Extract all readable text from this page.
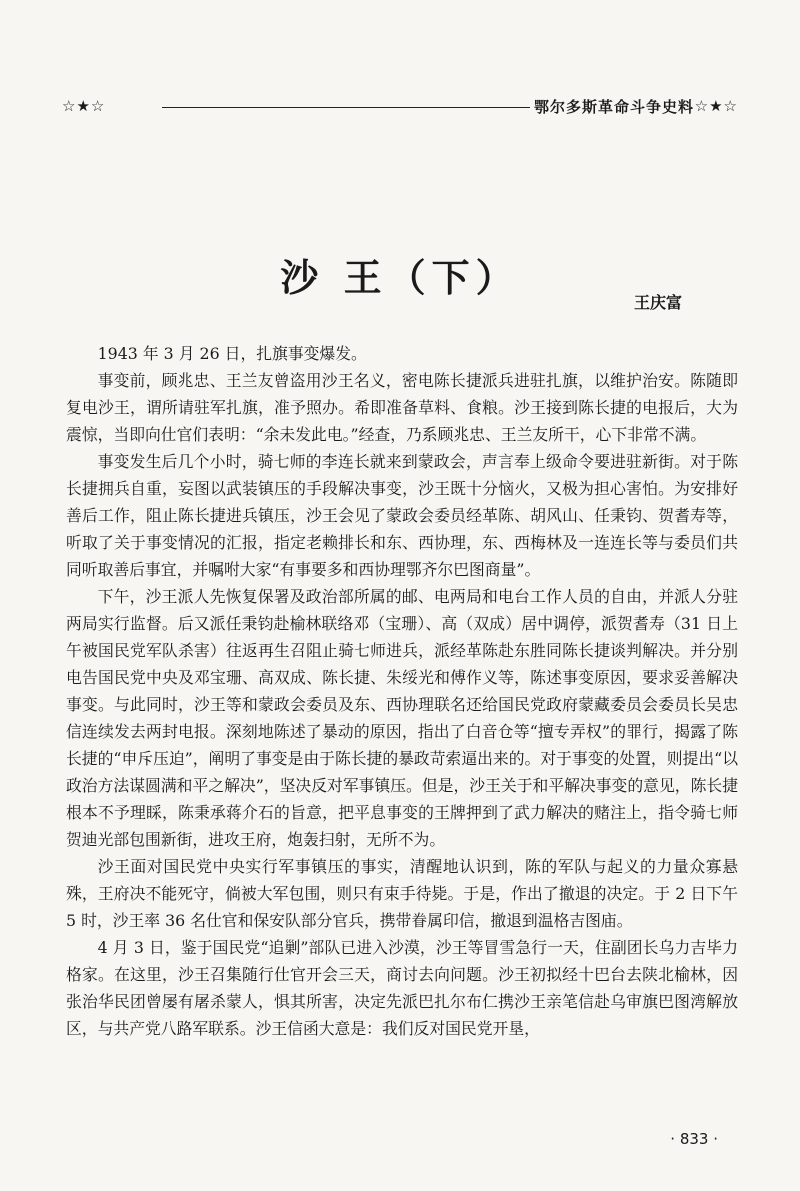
☆★☆	鄂尔多斯革命斗争史料 ☆★☆
沙 王（下）
王庆富

1943 年 3 月 26 日，扎旗事变爆发。

事变前，顾兆忠、王兰友曾盗用沙王名义，密电陈长捷派兵进驻扎旗，以维护治安。陈随即复电沙王，谓所请驻军扎旗，准予照办。希即准备草料、食粮。沙王接到陈长捷的电报后，大为震惊，当即向仕官们表明：“余未发此电。”经查，乃系顾兆忠、王兰友所干，心下非常不满。

事变发生后几个小时，骑七师的李连长就来到蒙政会，声言奉上级命令要进驻新街。对于陈长捷拥兵自重，妄图以武装镇压的手段解决事变，沙王既十分恼火，又极为担心害怕。为安排好善后工作，阻止陈长捷进兵镇压，沙王会见了蒙政会委员经革陈、胡风山、任秉钧、贺耆寿等，听取了关于事变情况的汇报，指定老赖排长和东、西协理，东、西梅林及一连连长等与委员们共同听取善后事宜，并嘱咐大家“有事要多和西协理鄂齐尔巴图商量”。

下午，沙王派人先恢复保署及政治部所属的邮、电两局和电台工作人员的自由，并派人分驻两局实行监督。后又派任秉钧赴榆林联络邓（宝珊）、高（双成）居中调停，派贺耆寿（31 日上午被国民党军队杀害）往返再生召阻止骑七师进兵，派经革陈赴东胜同陈长捷谈判解决。并分别电告国民党中央及邓宝珊、高双成、陈长捷、朱绥光和傅作义等，陈述事变原因，要求妥善解决事变。与此同时，沙王等和蒙政会委员及东、西协理联名还给国民党政府蒙藏委员会委员长吴忠信连续发去两封电报。深刻地陈述了暴动的原因，指出了白音仓等“擅专弄权”的罪行，揭露了陈长捷的“申斥压迫”，阐明了事变是由于陈长捷的暴政苛索逼出来的。对于事变的处置，则提出“以政治方法谋圆满和平之解决”，坚决反对军事镇压。但是，沙王关于和平解决事变的意见，陈长捷根本不予理睬，陈秉承蒋介石的旨意，把平息事变的王牌押到了武力解决的赌注上，指令骑七师贺迪光部包围新街，进攻王府，炮轰扫射，无所不为。

沙王面对国民党中央实行军事镇压的事实，清醒地认识到，陈的军队与起义的力量众寡悬殊，王府决不能死守，倘被大军包围，则只有束手待毙。于是，作出了撤退的决定。于 2 日下午 5 时，沙王率 36 名仕官和保安队部分官兵，携带眷属印信，撤退到温格吉图庙。

4 月 3 日，鉴于国民党“追剿”部队已进入沙漠，沙王等冒雪急行一天，住副团长乌力吉毕力格家。在这里，沙王召集随行仕官开会三天，商讨去向问题。沙王初拟经十巴台去陕北榆林，因张治华民团曾屡有屠杀蒙人，惧其所害，决定先派巴扎尔布仁携沙王亲笔信赴乌审旗巴图湾解放区，与共产党八路军联系。沙王信函大意是：我们反对国民党开垦，

· 833 ·
